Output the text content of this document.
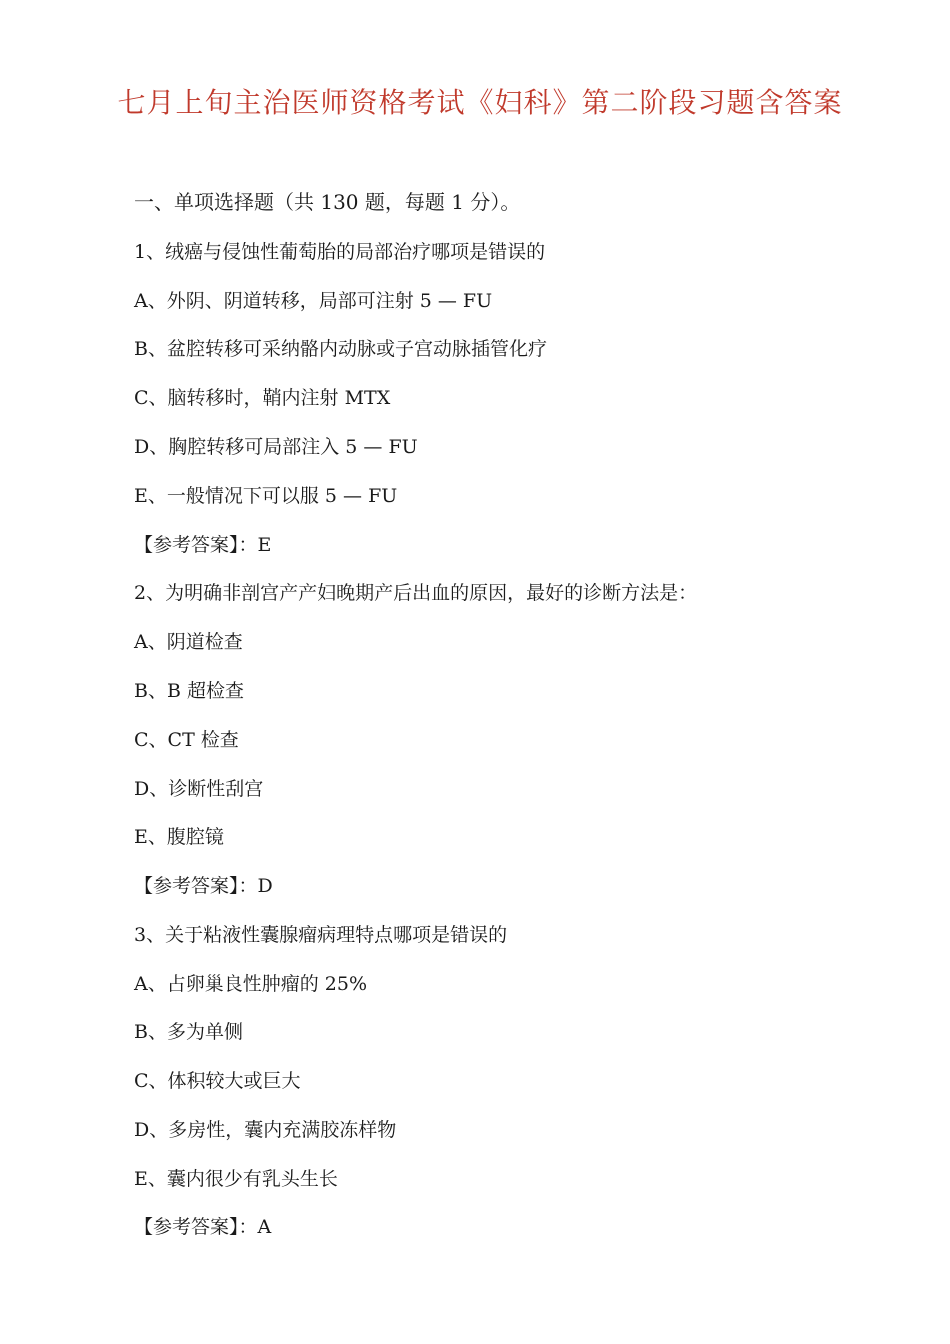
七月上旬主治医师资格考试《妇科》第二阶段习题含答案
一、单项选择题（共 130 题，每题 1 分）。
1、绒癌与侵蚀性葡萄胎的局部治疗哪项是错误的
A、外阴、阴道转移，局部可注射 5 — FU
B、盆腔转移可采纳骼内动脉或子宫动脉插管化疗
C、脑转移时，鞘内注射 MTX
D、胸腔转移可局部注入 5 — FU
E、一般情况下可以服 5 — FU
【参考答案】：E
2、为明确非剖宫产产妇晚期产后出血的原因，最好的诊断方法是：
A、阴道检查
B、B 超检查
C、CT 检查
D、诊断性刮宫
E、腹腔镜
【参考答案】：D
3、关于粘液性囊腺瘤病理特点哪项是错误的
A、占卵巢良性肿瘤的 25%
B、多为单侧
C、体积较大或巨大
D、多房性，囊内充满胶冻样物
E、囊内很少有乳头生长
【参考答案】：A
